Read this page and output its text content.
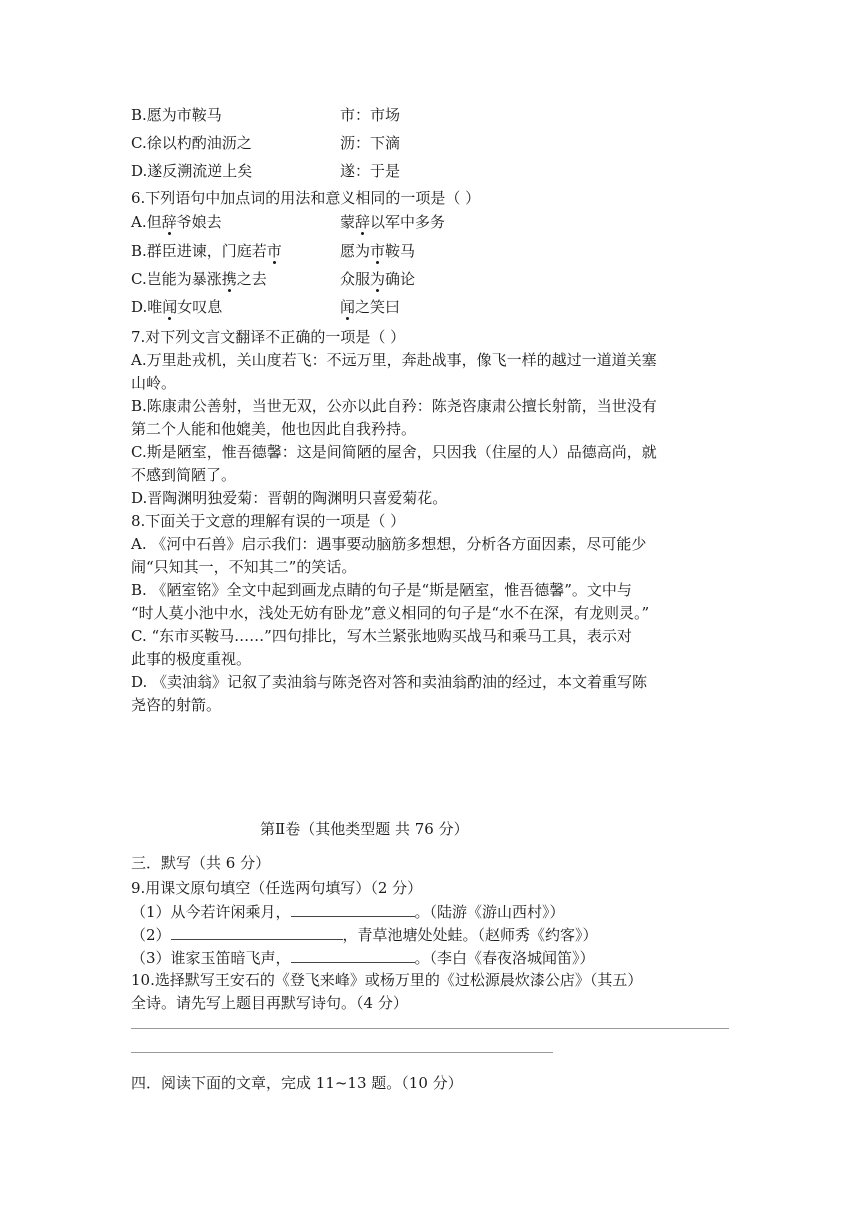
B.愿为市鞍马	市：市场
C.徐以杓酌油沥之	沥：下滴
D.遂反溯流逆上矣	遂：于是
6.下列语句中加点词的用法和意义相同的一项是（ ）
A.但辞爷娘去	蒙辞以军中多务
B.群臣进谏，门庭若市	愿为市鞍马
C.岂能为暴涨携之去	众服为确论
D.唯闻女叹息	闻之笑曰
7.对下列文言文翻译不正确的一项是（ ）
A.万里赴戎机，关山度若飞：不远万里，奔赴战事，像飞一样的越过一道道关塞
山岭。
B.陈康肃公善射，当世无双，公亦以此自矜：陈尧咨康肃公擅长射箭，当世没有
第二个人能和他媲美，他也因此自我矜持。
C.斯是陋室，惟吾德馨：这是间简陋的屋舍，只因我（住屋的人）品德高尚，就
不感到简陋了。
D.晋陶渊明独爱菊：晋朝的陶渊明只喜爱菊花。
8.下面关于文意的理解有误的一项是（ ）
A. 《河中石兽》启示我们：遇事要动脑筋多想想，分析各方面因素，尽可能少
闹“只知其一，不知其二”的笑话。
B. 《陋室铭》全文中起到画龙点睛的句子是“斯是陋室，惟吾德馨”。文中与
“时人莫小池中水，浅处无妨有卧龙”意义相同的句子是“水不在深，有龙则灵。”
C. “东市买鞍马……”四句排比，写木兰紧张地购买战马和乘马工具，表示对
此事的极度重视。
D. 《卖油翁》记叙了卖油翁与陈尧咨对答和卖油翁酌油的经过，本文着重写陈
尧咨的射箭。
第Ⅱ卷（其他类型题 共 76 分）
三．默写（共 6 分）
9.用课文原句填空（任选两句填写）（2 分）
（1）从今若许闲乘月，	。（陆游《游山西村》）
（2）	，青草池塘处处蛙。（赵师秀《约客》）
（3）谁家玉笛暗飞声，	。（李白《春夜洛城闻笛》）
10.选择默写王安石的《登飞来峰》或杨万里的《过松源晨炊漆公店》（其五）
全诗。请先写上题目再默写诗句。（4 分）
四．阅读下面的文章，完成 11~13 题。（10 分）
